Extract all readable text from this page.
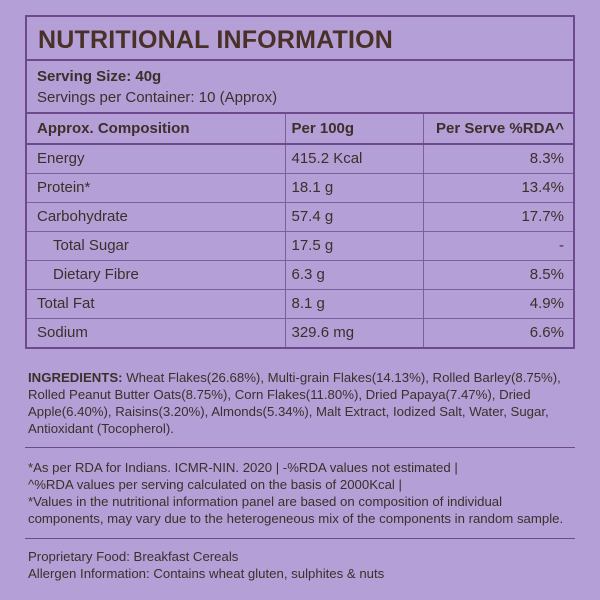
NUTRITIONAL INFORMATION
Serving Size: 40g
Servings per Container: 10 (Approx)
Approx. Composition	Per 100g	Per Serve %RDA^
Energy	415.2 Kcal	8.3%
Protein*	18.1 g	13.4%
Carbohydrate	57.4 g	17.7%
Total Sugar	17.5 g	-
Dietary Fibre	6.3 g	8.5%
Total Fat	8.1 g	4.9%
Sodium	329.6 mg	6.6%
INGREDIENTS: Wheat Flakes(26.68%), Multi-grain Flakes(14.13%), Rolled Barley(8.75%), Rolled Peanut Butter Oats(8.75%), Corn Flakes(11.80%), Dried Papaya(7.47%), Dried Apple(6.40%), Raisins(3.20%), Almonds(5.34%), Malt Extract, Iodized Salt, Water, Sugar, Antioxidant (Tocopherol).
*As per RDA for Indians. ICMR-NIN. 2020 | -%RDA values not estimated |
^%RDA values per serving calculated on the basis of 2000Kcal |
*Values in the nutritional information panel are based on composition of individual
components, may vary due to the heterogeneous mix of the components in random sample.
Proprietary Food: Breakfast Cereals
Allergen Information: Contains wheat gluten, sulphites & nuts
